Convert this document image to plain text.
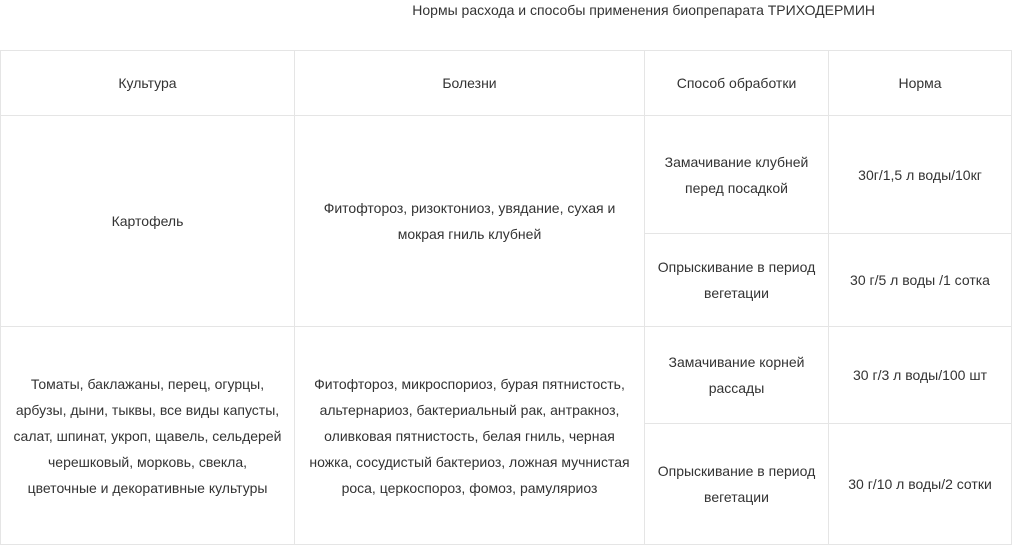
Нормы расхода и способы применения биопрепарата ТРИХОДЕРМИН
Культура	Болезни	Способ обработки	Норма
Картофель	Фитофтороз, ризоктониоз, увядание, сухая и мокрая гниль клубней	Замачивание клубней перед посадкой	30г/1,5 л воды/10кг
		Опрыскивание в период вегетации	30 г/5 л воды /1 сотка
Томаты, баклажаны, перец, огурцы, арбузы, дыни, тыквы, все виды капусты, салат, шпинат, укроп, щавель, сельдерей черешковый, морковь, свекла, цветочные и декоративные культуры	Фитофтороз, микроспориоз, бурая пятнистость, альтернариоз, бактериальный рак, антракноз, оливковая пятнистость, белая гниль, черная ножка, сосудистый бактериоз, ложная мучнистая роса, церкоспороз, фомоз, рамуляриоз	Замачивание корней рассады	30 г/3 л воды/100 шт
		Опрыскивание в период вегетации	30 г/10 л воды/2 сотки
